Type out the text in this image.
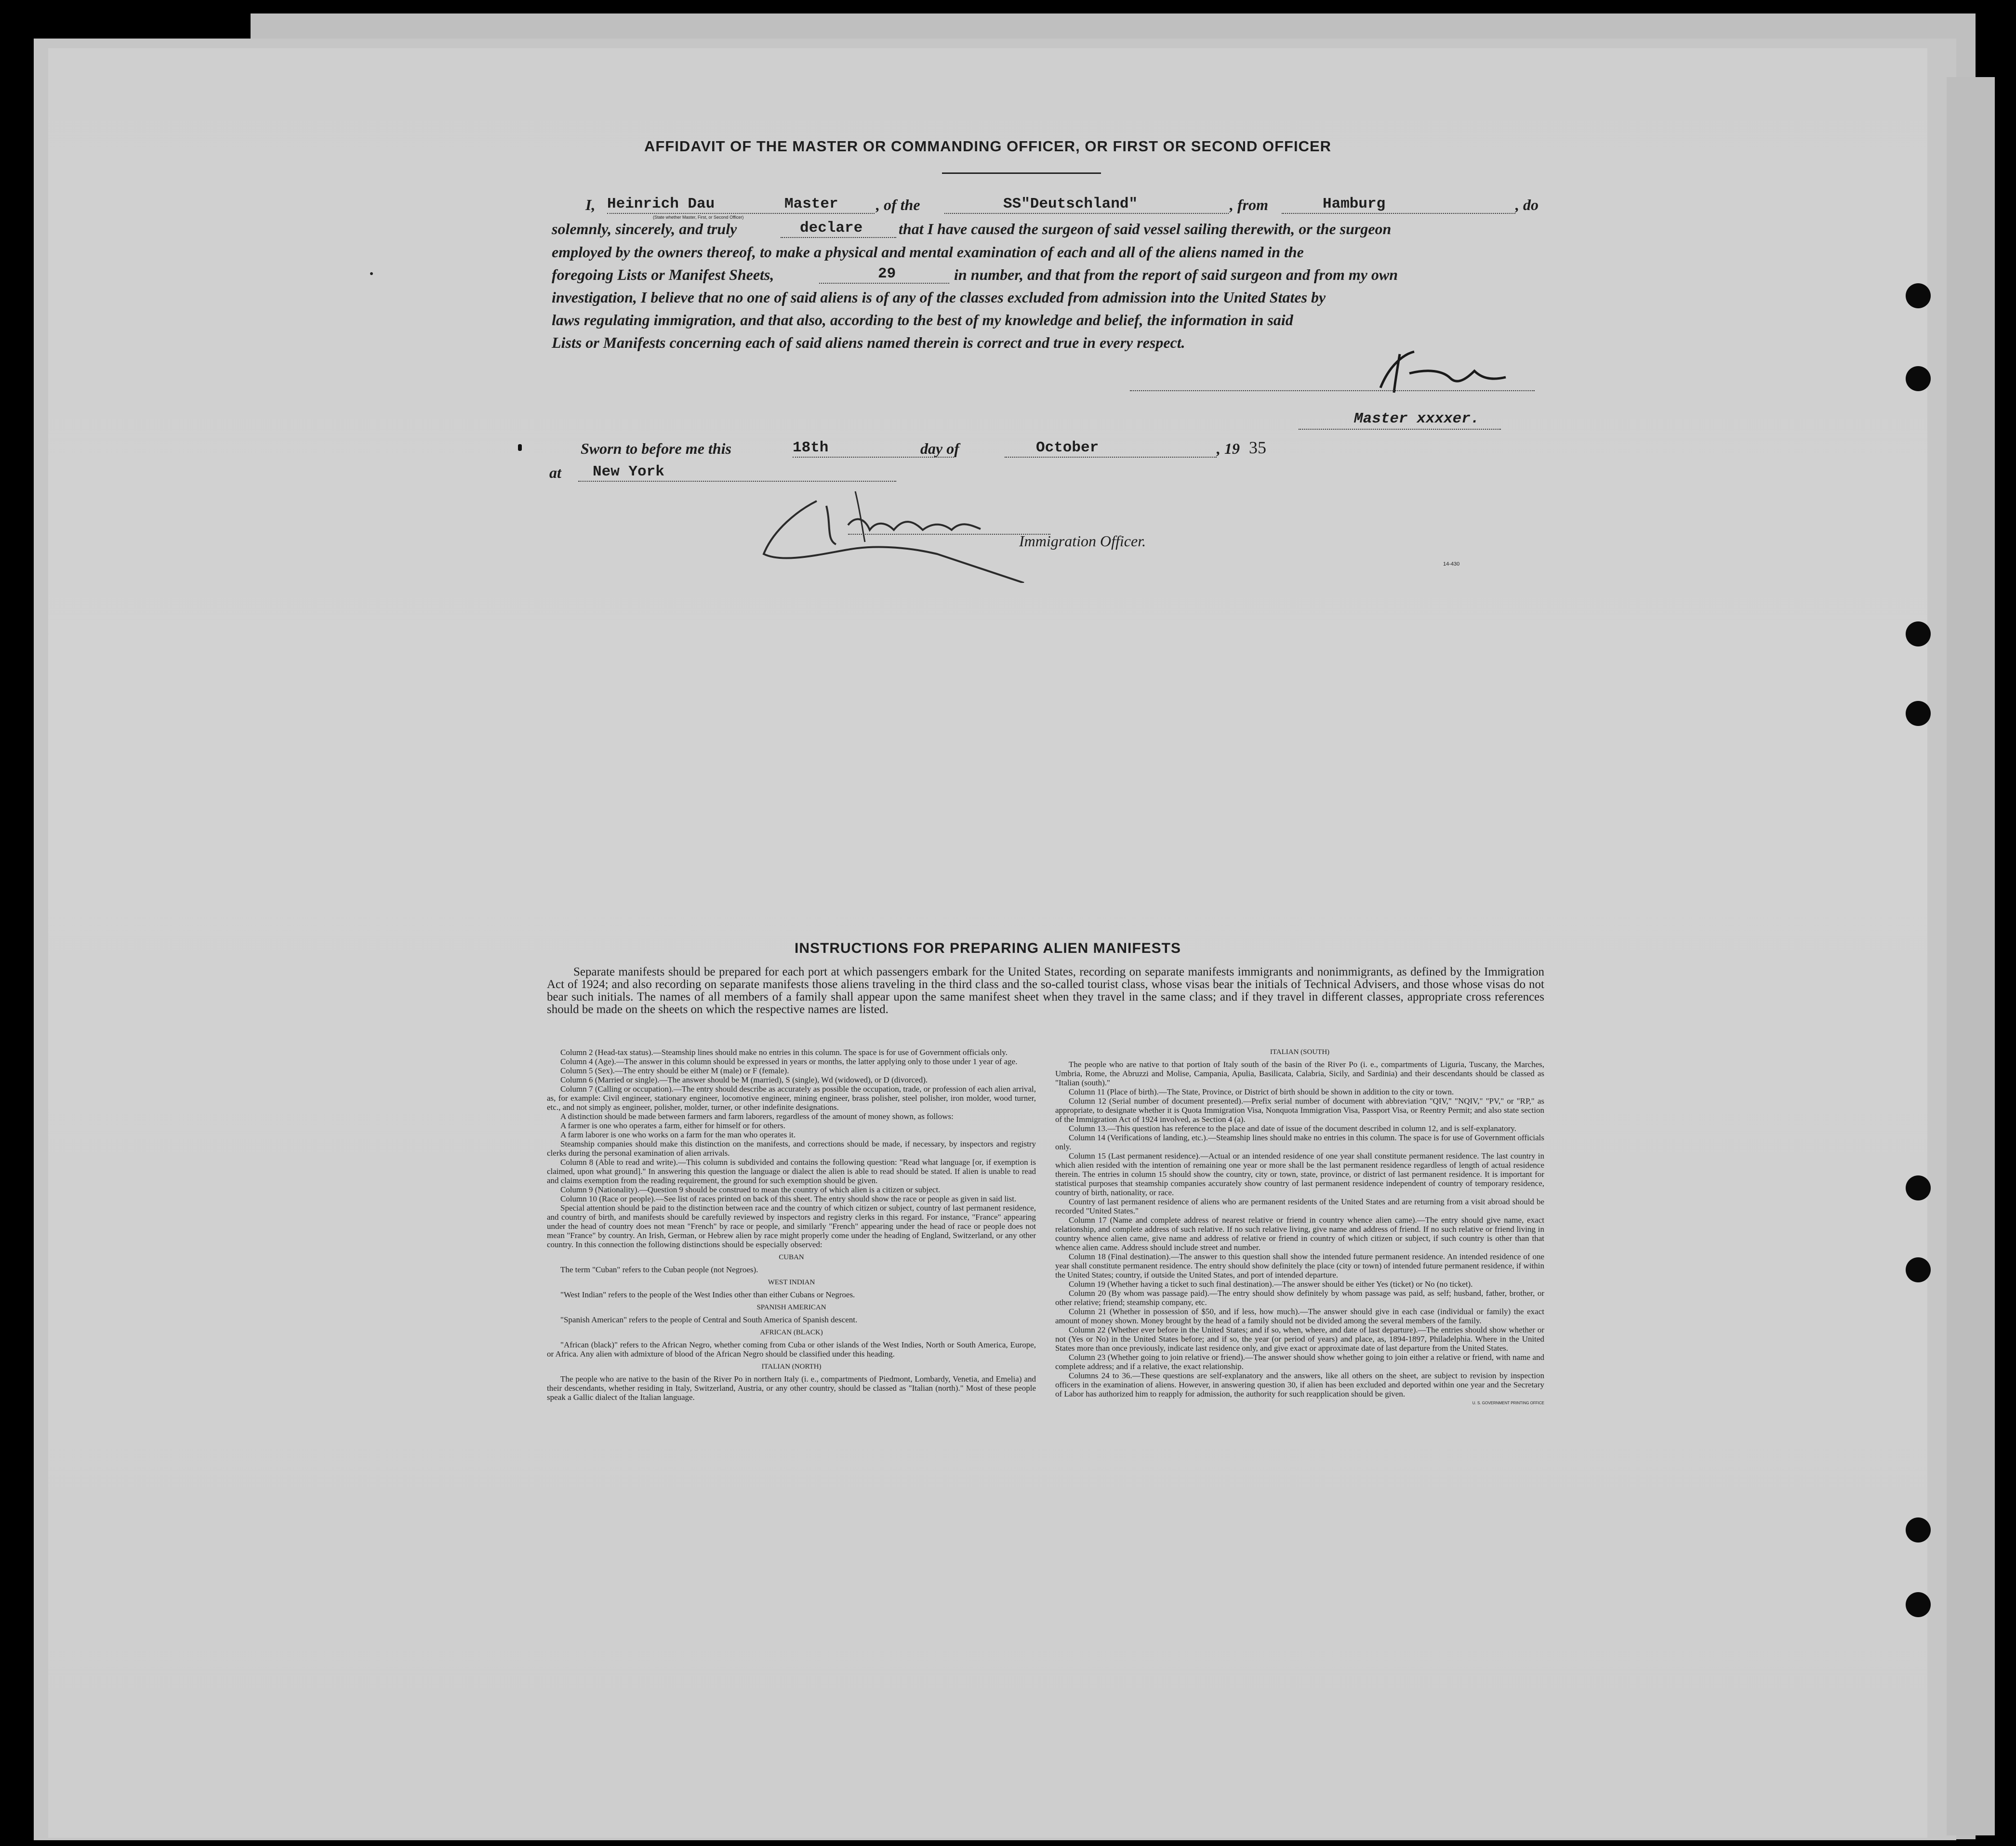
AFFIDAVIT OF THE MASTER OR COMMANDING OFFICER, OR FIRST OR SECOND OFFICER
I, Heinrich Dau	Master
(State whether Master, First, or Second Officer)
, of the	SS"Deutschland"	, from	Hamburg	, do
solemnly, sincerely, and truly	declare that I have caused the surgeon of said vessel sailing therewith, or the surgeon
employed by the owners thereof, to make a physical and mental examination of each and all of the aliens named in the
foregoing Lists or Manifest Sheets,	29	in number, and that from the report of said surgeon and from my own
investigation, I believe that no one of said aliens is of any of the classes excluded from admission into the United States by
laws regulating immigration, and that also, according to the best of my knowledge and belief, the information in said
Lists or Manifests concerning each of said aliens named therein is correct and true in every respect.
Master xxxxer.
Sworn to before me this	18th	day of	October	, 19 35
at New York
Immigration Officer.
14-430
INSTRUCTIONS FOR PREPARING ALIEN MANIFESTS
Separate manifests should be prepared for each port at which passengers embark for the United States, recording on separate manifests immigrants and nonimmigrants, as defined by the Immigration Act of 1924; and also recording on separate manifests those aliens traveling in the third class and the so-called tourist class, whose visas bear the initials of Technical Advisers, and those whose visas do not bear such initials. The names of all members of a family shall appear upon the same manifest sheet when they travel in the same class; and if they travel in different classes, appropriate cross references should be made on the sheets on which the respective names are listed.

Column 2 (Head-tax status).—Steamship lines should make no entries in this column. The space is for use of Government officials only.

Column 4 (Age).—The answer in this column should be expressed in years or months, the latter applying only to those under 1 year of age.

Column 5 (Sex).—The entry should be either M (male) or F (female).

Column 6 (Married or single).—The answer should be M (married), S (single), Wd (widowed), or D (divorced).

Column 7 (Calling or occupation).—The entry should describe as accurately as possible the occupation, trade, or profession of each alien arrival, as, for example: Civil engineer, stationary engineer, locomotive engineer, mining engineer, brass polisher, steel polisher, iron molder, wood turner, etc., and not simply as engineer, polisher, molder, turner, or other indefinite designations.

A distinction should be made between farmers and farm laborers, regardless of the amount of money shown, as follows:

A farmer is one who operates a farm, either for himself or for others.

A farm laborer is one who works on a farm for the man who operates it.

Steamship companies should make this distinction on the manifests, and corrections should be made, if necessary, by inspectors and registry clerks during the personal examination of alien arrivals.

Column 8 (Able to read and write).—This column is subdivided and contains the following question: "Read what language [or, if exemption is claimed, upon what ground]." In answering this question the language or dialect the alien is able to read should be stated. If alien is unable to read and claims exemption from the reading requirement, the ground for such exemption should be given.

Column 9 (Nationality).—Question 9 should be construed to mean the country of which alien is a citizen or subject.

Column 10 (Race or people).—See list of races printed on back of this sheet. The entry should show the race or people as given in said list.

Special attention should be paid to the distinction between race and the country of which citizen or subject, country of last permanent residence, and country of birth, and manifests should be carefully reviewed by inspectors and registry clerks in this regard. For instance, "France" appearing under the head of country does not mean "French" by race or people, and similarly "French" appearing under the head of race or people does not mean "France" by country. An Irish, German, or Hebrew alien by race might properly come under the heading of England, Switzerland, or any other country. In this connection the following distinctions should be especially observed:

CUBAN

The term "Cuban" refers to the Cuban people (not Negroes).

WEST INDIAN

"West Indian" refers to the people of the West Indies other than either Cubans or Negroes.

SPANISH AMERICAN

"Spanish American" refers to the people of Central and South America of Spanish descent.

AFRICAN (BLACK)

"African (black)" refers to the African Negro, whether coming from Cuba or other islands of the West Indies, North or South America, Europe, or Africa. Any alien with admixture of blood of the African Negro should be classified under this heading.

ITALIAN (NORTH)

The people who are native to the basin of the River Po in northern Italy (i. e., compartments of Piedmont, Lombardy, Venetia, and Emelia) and their descendants, whether residing in Italy, Switzerland, Austria, or any other country, should be classed as "Italian (north)." Most of these people speak a Gallic dialect of the Italian language.

ITALIAN (SOUTH)

The people who are native to that portion of Italy south of the basin of the River Po (i. e., compartments of Liguria, Tuscany, the Marches, Umbria, Rome, the Abruzzi and Molise, Campania, Apulia, Basilicata, Calabria, Sicily, and Sardinia) and their descendants should be classed as "Italian (south)."

Column 11 (Place of birth).—The State, Province, or District of birth should be shown in addition to the city or town.

Column 12 (Serial number of document presented).—Prefix serial number of document with abbreviation "QIV," "NQIV," "PV," or "RP," as appropriate, to designate whether it is Quota Immigration Visa, Nonquota Immigration Visa, Passport Visa, or Reentry Permit; and also state section of the Immigration Act of 1924 involved, as Section 4 (a).

Column 13.—This question has reference to the place and date of issue of the document described in column 12, and is self-explanatory.

Column 14 (Verifications of landing, etc.).—Steamship lines should make no entries in this column. The space is for use of Government officials only.

Column 15 (Last permanent residence).—Actual or an intended residence of one year shall constitute permanent residence. The last country in which alien resided with the intention of remaining one year or more shall be the last permanent residence regardless of length of actual residence therein. The entries in column 15 should show the country, city or town, state, province, or district of last permanent residence. It is important for statistical purposes that steamship companies accurately show country of last permanent residence independent of country of temporary residence, country of birth, nationality, or race.

Country of last permanent residence of aliens who are permanent residents of the United States and are returning from a visit abroad should be recorded "United States."

Column 17 (Name and complete address of nearest relative or friend in country whence alien came).—The entry should give name, exact relationship, and complete address of such relative. If no such relative living, give name and address of friend. If no such relative or friend living in country whence alien came, give name and address of relative or friend in country of which citizen or subject, if such country is other than that whence alien came. Address should include street and number.

Column 18 (Final destination).—The answer to this question shall show the intended future permanent residence. An intended residence of one year shall constitute permanent residence. The entry should show definitely the place (city or town) of intended future permanent residence, if within the United States; country, if outside the United States, and port of intended departure.

Column 19 (Whether having a ticket to such final destination).—The answer should be either Yes (ticket) or No (no ticket).

Column 20 (By whom was passage paid).—The entry should show definitely by whom passage was paid, as self; husband, father, brother, or other relative; friend; steamship company, etc.

Column 21 (Whether in possession of $50, and if less, how much).—The answer should give in each case (individual or family) the exact amount of money shown. Money brought by the head of a family should not be divided among the several members of the family.

Column 22 (Whether ever before in the United States; and if so, when, where, and date of last departure).—The entries should show whether or not (Yes or No) in the United States before; and if so, the year (or period of years) and place, as, 1894-1897, Philadelphia. Where in the United States more than once previously, indicate last residence only, and give exact or approximate date of last departure from the United States.

Column 23 (Whether going to join relative or friend).—The answer should show whether going to join either a relative or friend, with name and complete address; and if a relative, the exact relationship.

Columns 24 to 36.—These questions are self-explanatory and the answers, like all others on the sheet, are subject to revision by inspection officers in the examination of aliens. However, in answering question 30, if alien has been excluded and deported within one year and the Secretary of Labor has authorized him to reapply for admission, the authority for such reapplication should be given.

U. S. GOVERNMENT PRINTING OFFICE
